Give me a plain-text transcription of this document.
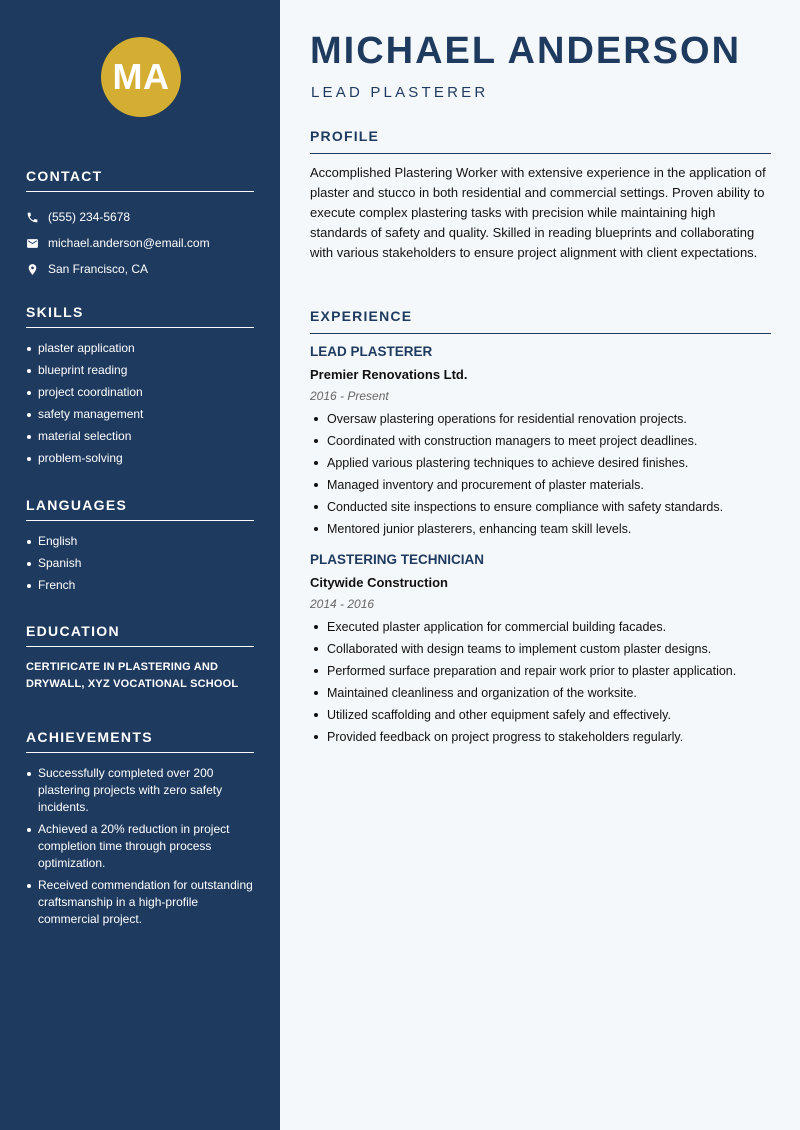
MA
CONTACT
(555) 234-5678
michael.anderson@email.com
San Francisco, CA
SKILLS
plaster application
blueprint reading
project coordination
safety management
material selection
problem-solving
LANGUAGES
English
Spanish
French
EDUCATION
CERTIFICATE IN PLASTERING AND DRYWALL, XYZ VOCATIONAL SCHOOL
ACHIEVEMENTS
Successfully completed over 200 plastering projects with zero safety incidents.
Achieved a 20% reduction in project completion time through process optimization.
Received commendation for outstanding craftsmanship in a high-profile commercial project.
MICHAEL ANDERSON
LEAD PLASTERER
PROFILE

Accomplished Plastering Worker with extensive experience in the application of plaster and stucco in both residential and commercial settings. Proven ability to execute complex plastering tasks with precision while maintaining high standards of safety and quality. Skilled in reading blueprints and collaborating with various stakeholders to ensure project alignment with client expectations.

EXPERIENCE
LEAD PLASTERER
Premier Renovations Ltd.
2016 - Present
Oversaw plastering operations for residential renovation projects.
Coordinated with construction managers to meet project deadlines.
Applied various plastering techniques to achieve desired finishes.
Managed inventory and procurement of plaster materials.
Conducted site inspections to ensure compliance with safety standards.
Mentored junior plasterers, enhancing team skill levels.
PLASTERING TECHNICIAN
Citywide Construction
2014 - 2016
Executed plaster application for commercial building facades.
Collaborated with design teams to implement custom plaster designs.
Performed surface preparation and repair work prior to plaster application.
Maintained cleanliness and organization of the worksite.
Utilized scaffolding and other equipment safely and effectively.
Provided feedback on project progress to stakeholders regularly.
